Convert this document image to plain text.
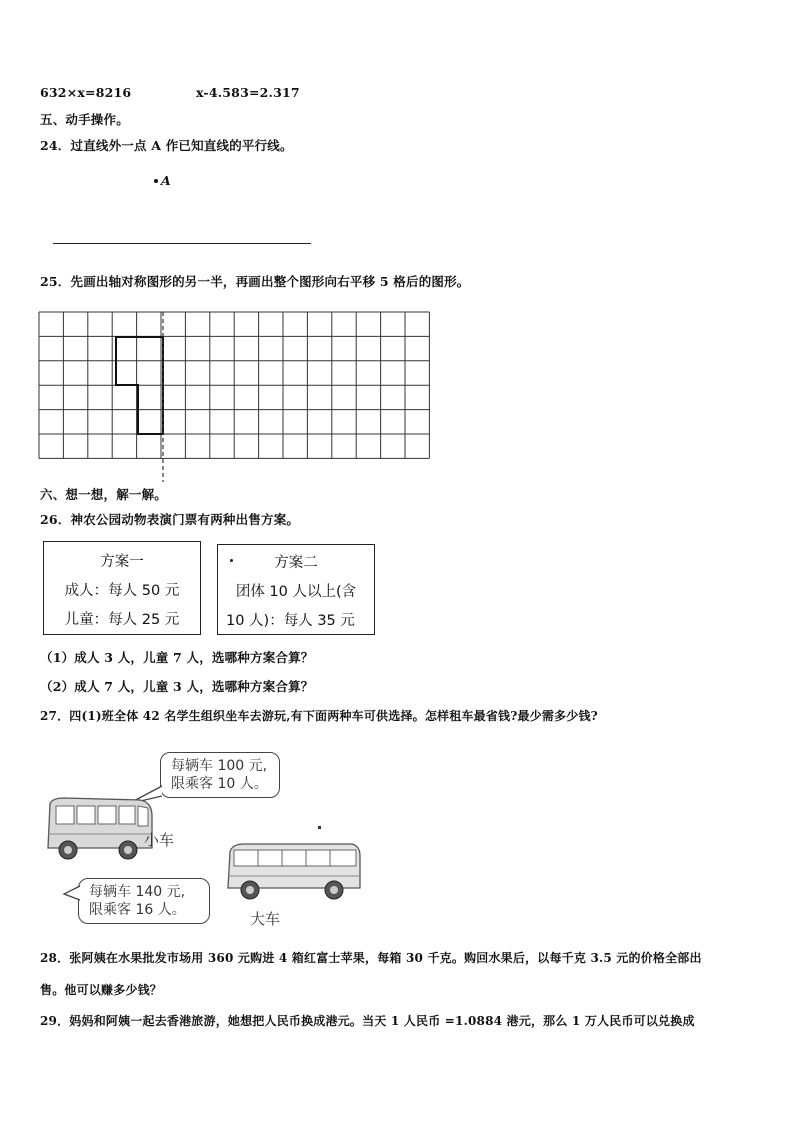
632×x=8216	x-4.583=2.317
五、动手操作。
24．过直线外一点 A 作已知直线的平行线。
A
25．先画出轴对称图形的另一半，再画出整个图形向右平移 5 格后的图形。
六、想一想，解一解。
26．神农公园动物表演门票有两种出售方案。
方案一
成人：每人 50 元
儿童：每人 25 元
方案二
团体 10 人以上(含
10 人)：每人 35 元
（1）成人 3 人，儿童 7 人，选哪种方案合算？
（2）成人 7 人，儿童 3 人，选哪种方案合算？
27．四(1)班全体 42 名学生组织坐车去游玩,有下面两种车可供选择。怎样租车最省钱?最少需多少钱?
每辆车 100 元,
限乘客 10 人。
小车
每辆车 140 元,
限乘客 16 人。	大车
28．张阿姨在水果批发市场用 360 元购进 4 箱红富士苹果，每箱 30 千克。购回水果后，以每千克 3.5 元的价格全部出
售。他可以赚多少钱？
29．妈妈和阿姨一起去香港旅游，她想把人民币换成港元。当天 1 人民币 =1.0884 港元，那么 1 万人民币可以兑换成
